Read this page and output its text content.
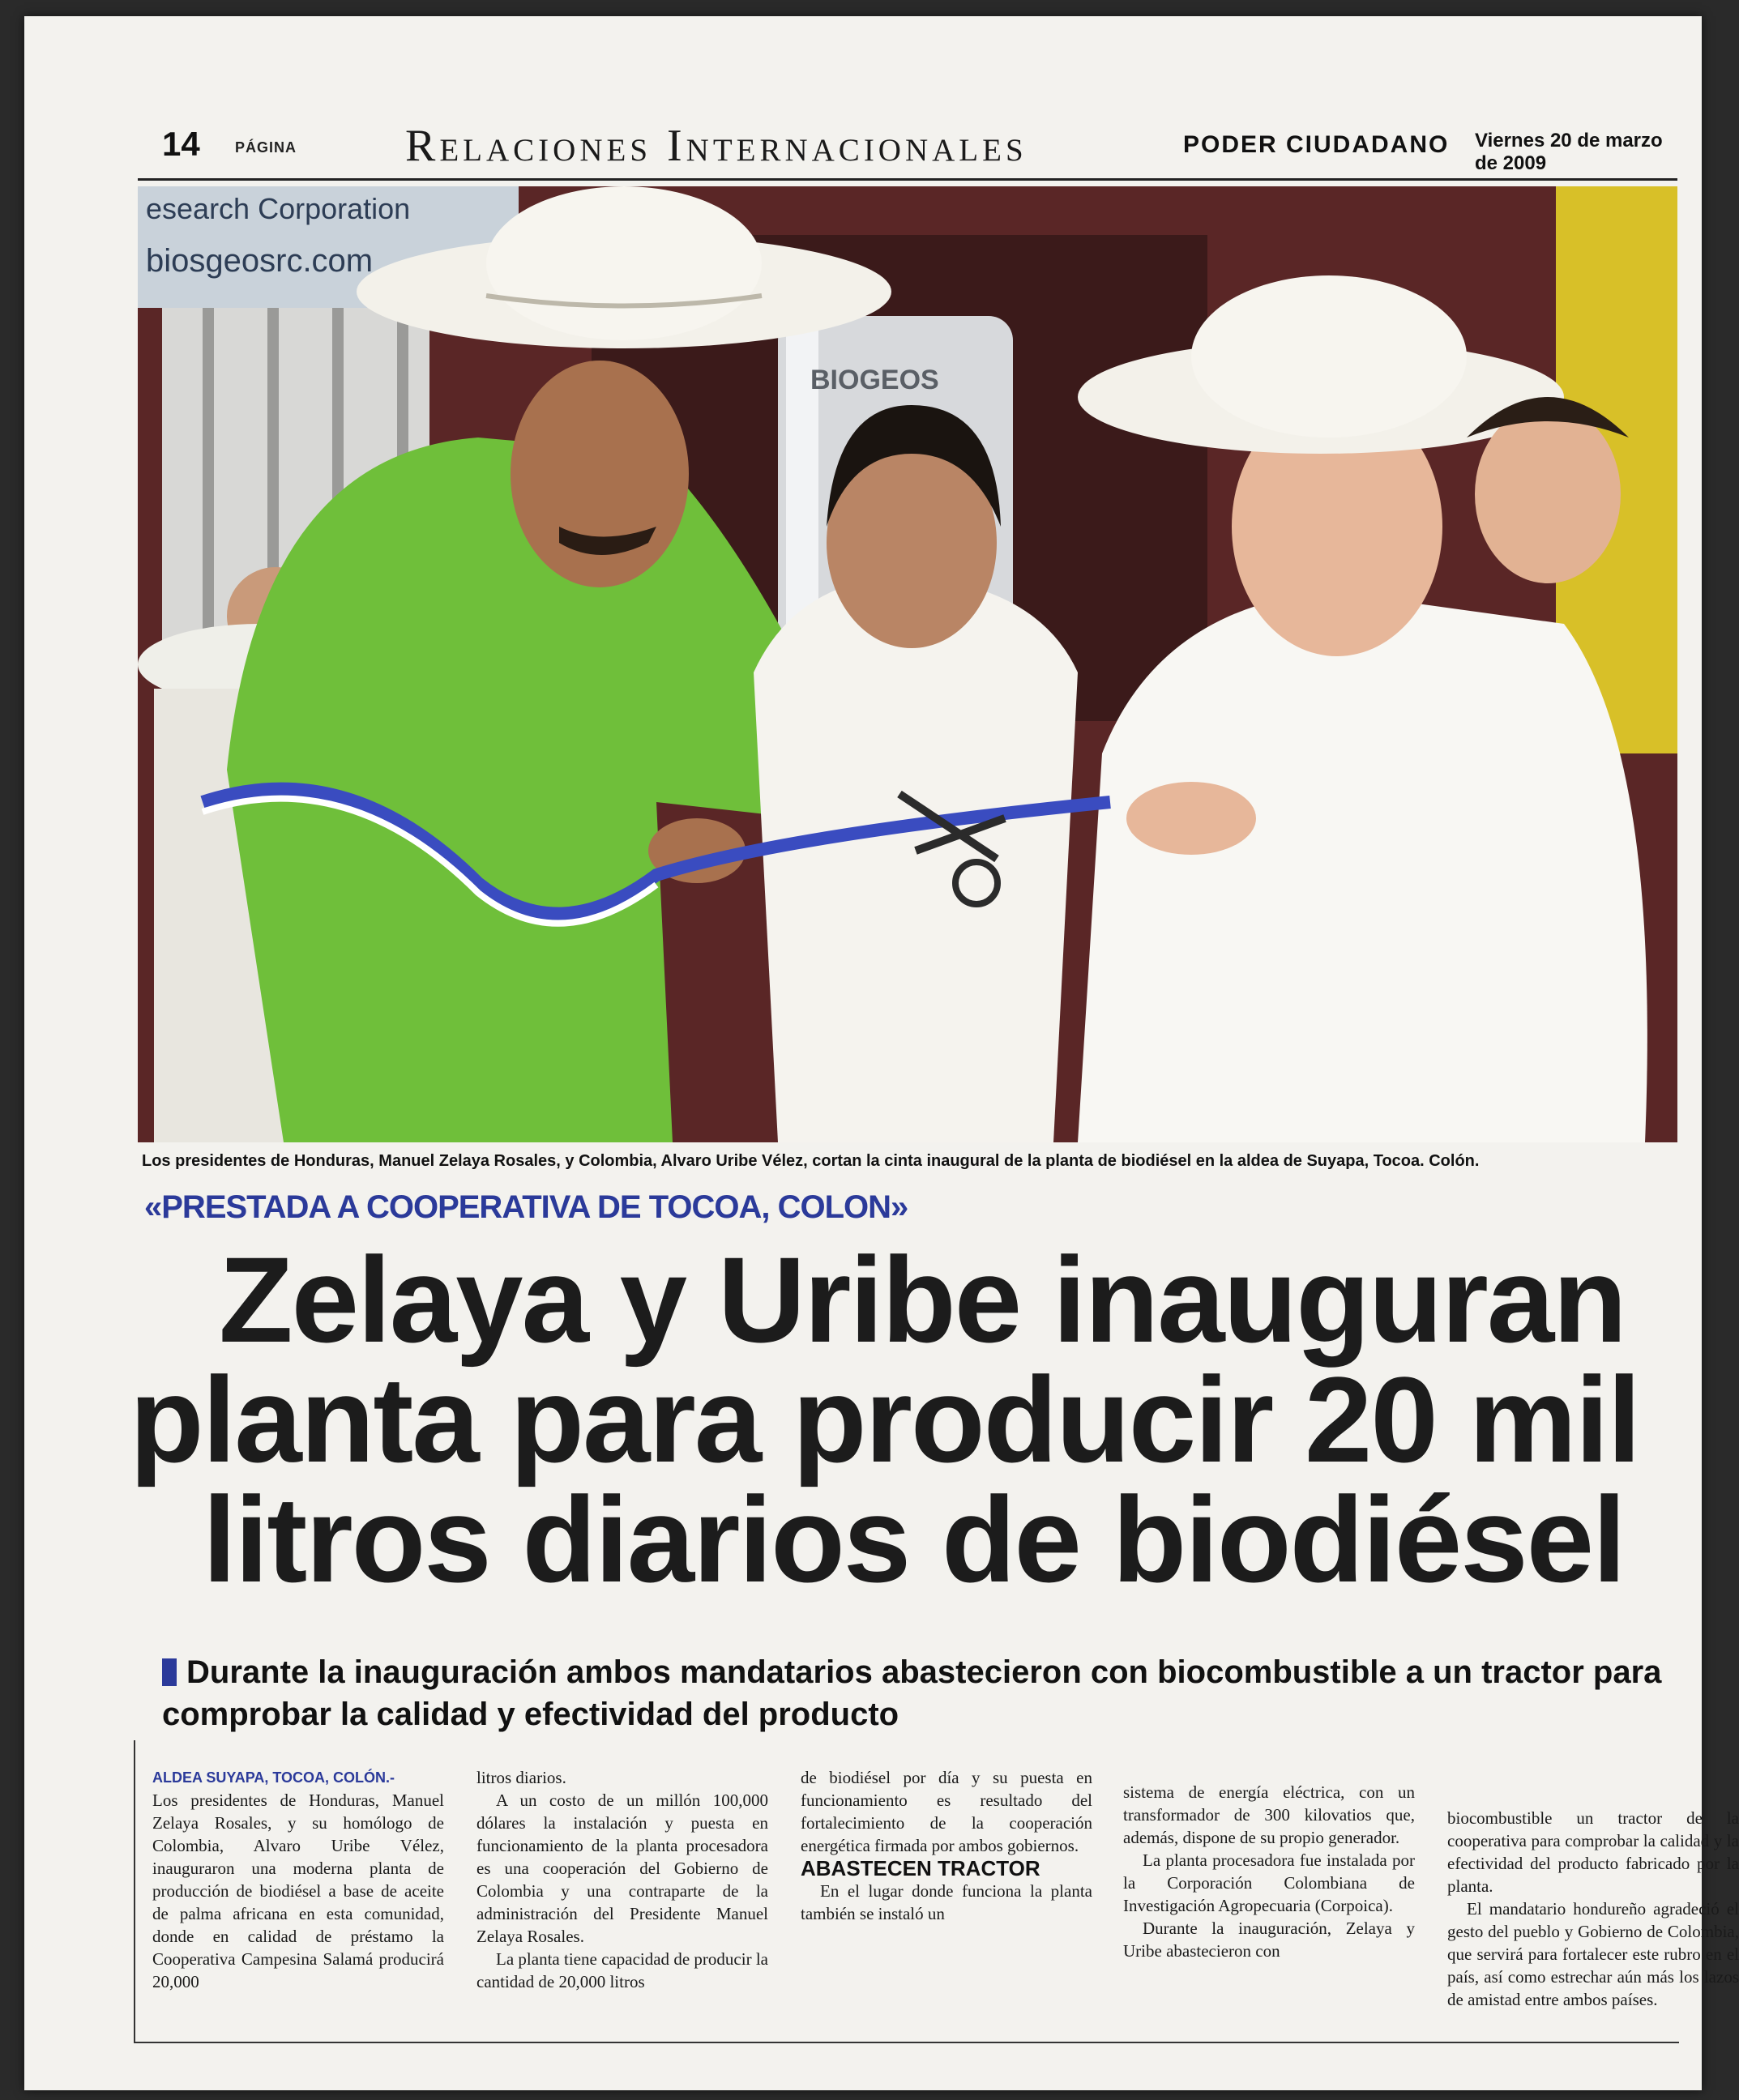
14 PÁGINA Relaciones Internacionales	PODER CIUDADANO Viernes 20 de marzo de 2009
esearch Corporation
biosgeosrc.com
BIOGEOS
Los presidentes de Honduras, Manuel Zelaya Rosales, y Colombia, Alvaro Uribe Vélez, cortan la cinta inaugural de la planta de biodiésel en la aldea de Suyapa, Tocoa. Colón.
«PRESTADA A COOPERATIVA DE TOCOA, COLON»
Zelaya y Uribe inauguran
planta para producir 20 mil
litros diarios de biodiésel
Durante la inauguración ambos mandatarios abastecieron con biocombustible a un tractor para comprobar la calidad y efectividad del producto

ALDEA SUYAPA, TOCOA, COLÓN.-

Los presidentes de Honduras, Manuel Zelaya Rosales, y su homólogo de Colombia, Alvaro Uribe Vélez, inauguraron una moderna planta de producción de biodiésel a base de aceite de palma africana en esta comunidad, donde en calidad de préstamo la Cooperativa Campesina Salamá producirá 20,000

litros diarios.

A un costo de un millón 100,000 dólares la instalación y puesta en funcionamiento de la planta procesadora es una cooperación del Gobierno de Colombia y una contraparte de la administración del Presidente Manuel Zelaya Rosales.

La planta tiene capacidad de producir la cantidad de 20,000 litros

de biodiésel por día y su puesta en funcionamiento es resultado del fortalecimiento de la cooperación energética firmada por ambos gobiernos.

ABASTECEN TRACTOR

En el lugar donde funciona la planta también se instaló un

sistema de energía eléctrica, con un transformador de 300 kilovatios que, además, dispone de su propio generador.

La planta procesadora fue instalada por la Corporación Colombiana de Investigación Agropecuaria (Corpoica).

Durante la inauguración, Zelaya y Uribe abastecieron con

biocombustible un tractor de la cooperativa para comprobar la calidad y la efectividad del producto fabricado por la planta.

El mandatario hondureño agradeció el gesto del pueblo y Gobierno de Colombia, que servirá para fortalecer este rubro en el país, así como estrechar aún más los lazos de amistad entre ambos países.
